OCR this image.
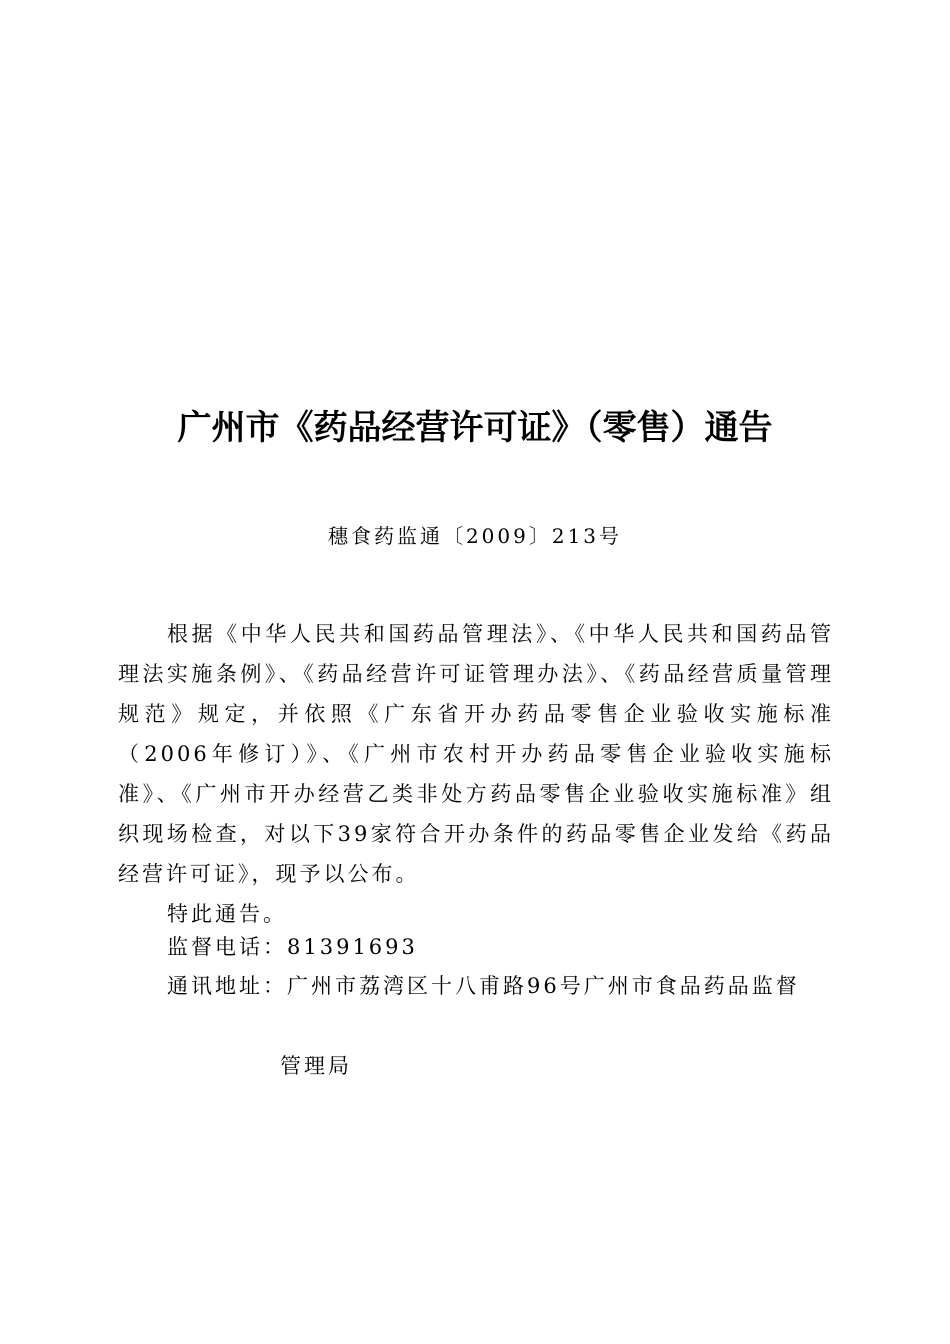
广州市《药品经营许可证》（零售）通告
穗食药监通〔2009〕213号
根据《中华人民共和国药品管理法》、《中华人民共和国药品管理法实施条例》、《药品经营许可证管理办法》、《药品经营质量管理规范》规定，并依照《广东省开办药品零售企业验收实施标准（2006年修订）》、《广州市农村开办药品零售企业验收实施标准》、《广州市开办经营乙类非处方药品零售企业验收实施标准》组织现场检查，对以下39家符合开办条件的药品零售企业发给《药品经营许可证》，现予以公布。
特此通告。
监督电话：81391693
通讯地址：广州市荔湾区十八甫路96号广州市食品药品监督
管理局
